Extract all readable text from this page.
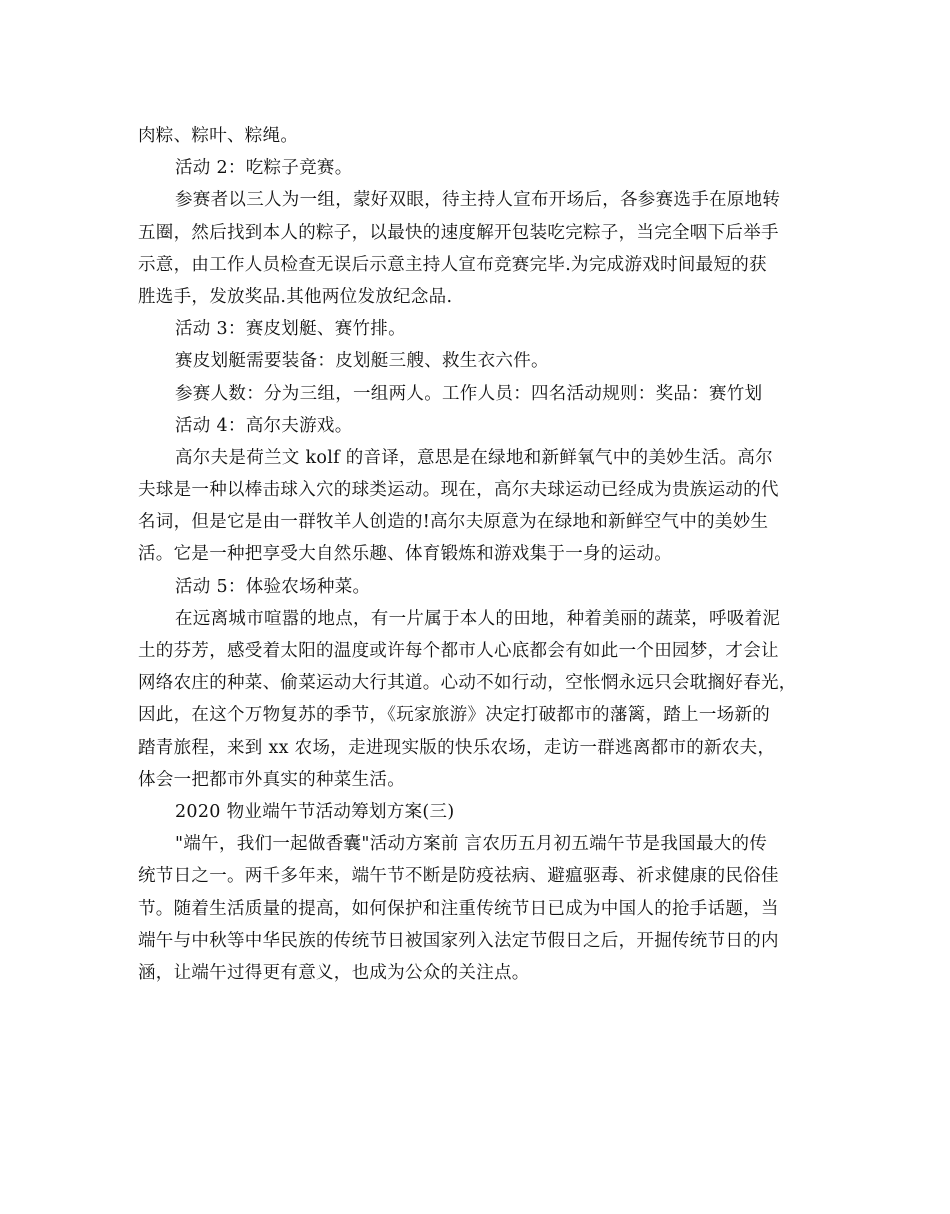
肉粽、粽叶、粽绳。
活动 2：吃粽子竞赛。
参赛者以三人为一组，蒙好双眼，待主持人宣布开场后，各参赛选手在原地转
五圈，然后找到本人的粽子，以最快的速度解开包装吃完粽子，当完全咽下后举手
示意，由工作人员检查无误后示意主持人宣布竞赛完毕.为完成游戏时间最短的获
胜选手，发放奖品.其他两位发放纪念品.
活动 3：赛皮划艇、赛竹排。
赛皮划艇需要装备：皮划艇三艘、救生衣六件。
参赛人数：分为三组，一组两人。工作人员：四名活动规则：奖品：赛竹划
活动 4：高尔夫游戏。
高尔夫是荷兰文 kolf 的音译，意思是在绿地和新鲜氧气中的美妙生活。高尔
夫球是一种以棒击球入穴的球类运动。现在，高尔夫球运动已经成为贵族运动的代
名词，但是它是由一群牧羊人创造的!高尔夫原意为在绿地和新鲜空气中的美妙生
活。它是一种把享受大自然乐趣、体育锻炼和游戏集于一身的运动。
活动 5：体验农场种菜。
在远离城市喧嚣的地点，有一片属于本人的田地，种着美丽的蔬菜，呼吸着泥
土的芬芳，感受着太阳的温度或许每个都市人心底都会有如此一个田园梦，才会让
网络农庄的种菜、偷菜运动大行其道。心动不如行动，空怅惘永远只会耽搁好春光，
因此，在这个万物复苏的季节，《玩家旅游》决定打破都市的藩篱，踏上一场新的
踏青旅程，来到 xx 农场，走进现实版的快乐农场，走访一群逃离都市的新农夫，
体会一把都市外真实的种菜生活。
2020 物业端午节活动筹划方案(三)
"端午，我们一起做香囊"活动方案前 言农历五月初五端午节是我国最大的传
统节日之一。两千多年来，端午节不断是防疫祛病、避瘟驱毒、祈求健康的民俗佳
节。随着生活质量的提高，如何保护和注重传统节日已成为中国人的抢手话题，当
端午与中秋等中华民族的传统节日被国家列入法定节假日之后，开掘传统节日的内
涵，让端午过得更有意义，也成为公众的关注点。
